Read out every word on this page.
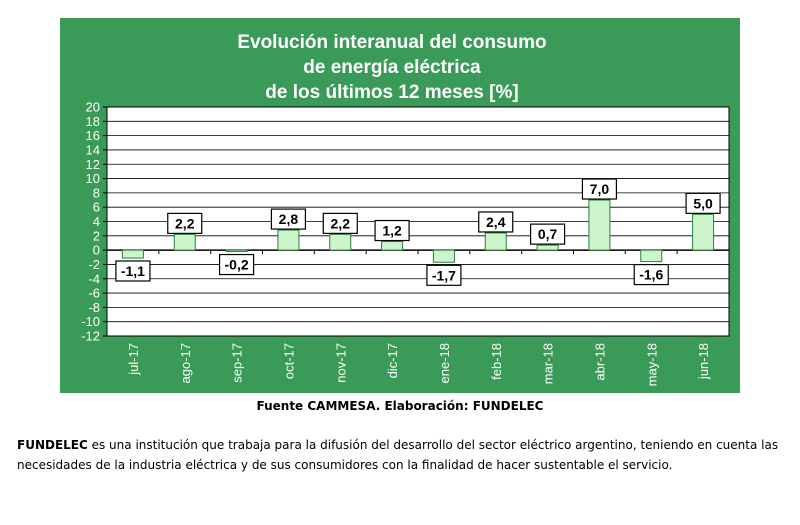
Evolución interanual del consumo
de energía eléctrica
de los últimos 12 meses [%]
20
18
16
14
12
10
8
6
4
2
0
-2
-4
-6
-8
-10
-12
-1,1
2,2
-0,2
2,8 2,2 1,2
-1,7
2,4
0,7
7,0
-1,6
5,0
jul-17	ago-17	sep-17	oct-17	nov-17	dic-17	ene-18	feb-18	mar-18	abr-18	may-18	jun-18
Fuente CAMMESA. Elaboración: FUNDELEC
FUNDELEC es una institución que trabaja para la difusión del desarrollo del sector eléctrico argentino, teniendo en cuenta las necesidades de la industria eléctrica y de sus consumidores con la finalidad de hacer sustentable el servicio.
